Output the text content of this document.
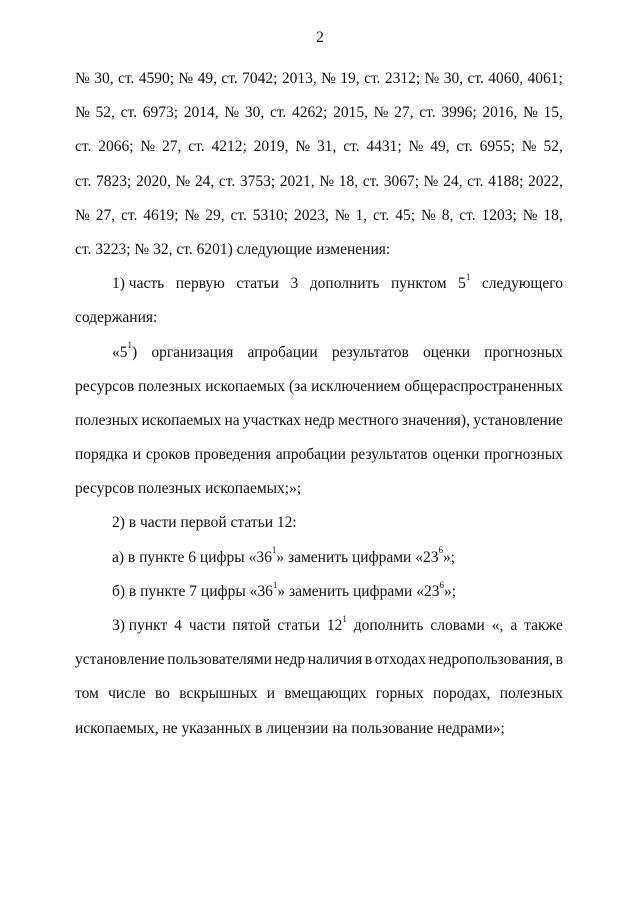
2
№ 30, ст. 4590; № 49, ст. 7042; 2013, № 19, ст. 2312; № 30, ст. 4060, 4061;
№ 52, ст. 6973; 2014, № 30, ст. 4262; 2015, № 27, ст. 3996; 2016, № 15,
ст. 2066; № 27, ст. 4212; 2019, № 31, ст. 4431; № 49, ст. 6955; № 52,
ст. 7823; 2020, № 24, ст. 3753; 2021, № 18, ст. 3067; № 24, ст. 4188; 2022,
№ 27, ст. 4619; № 29, ст. 5310; 2023, № 1, ст. 45; № 8, ст. 1203; № 18,
ст. 3223; № 32, ст. 6201) следующие изменения:
1) часть первую статьи 3 дополнить пунктом $5^1$ следующего
содержания:
«$5^1$) организация апробации результатов оценки прогнозных
ресурсов полезных ископаемых (за исключением общераспространенных
полезных ископаемых на участках недр местного значения), установление
порядка и сроков проведения апробации результатов оценки прогнозных
ресурсов полезных ископаемых;»;
2) в части первой статьи 12:
а) в пункте 6 цифры «$36^1$» заменить цифрами «$23^6$»;
б) в пункте 7 цифры «$36^1$» заменить цифрами «$23^6$»;
3) пункт 4 части пятой статьи $12^1$ дополнить словами «, а также
установление пользователями недр наличия в отходах недропользования, в
том числе во вскрышных и вмещающих горных породах, полезных
ископаемых, не указанных в лицензии на пользование недрами»;
